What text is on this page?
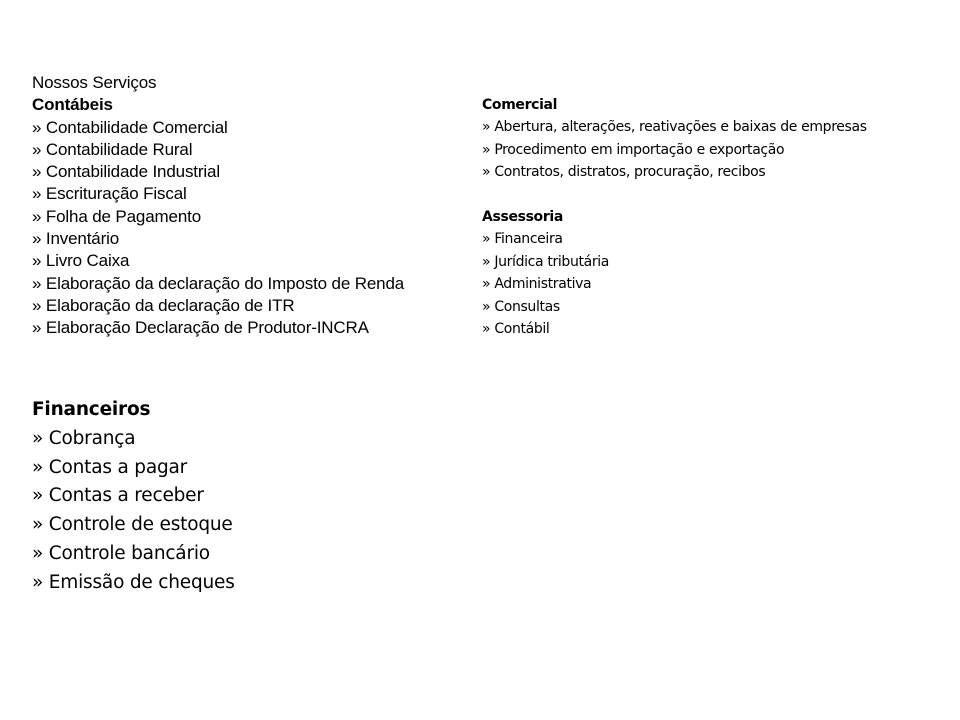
Nossos Serviços
Contábeis
» Contabilidade Comercial
» Contabilidade Rural
» Contabilidade Industrial
» Escrituração Fiscal
» Folha de Pagamento
» Inventário
» Livro Caixa
» Elaboração da declaração do Imposto de Renda
» Elaboração da declaração de ITR
» Elaboração Declaração de Produtor-INCRA
Comercial
» Abertura, alterações, reativações e baixas de empresas
» Procedimento em importação e exportação
» Contratos, distratos, procuração, recibos
Assessoria
» Financeira
» Jurídica tributária
» Administrativa
» Consultas
» Contábil
Financeiros
» Cobrança
» Contas a pagar
» Contas a receber
» Controle de estoque
» Controle bancário
» Emissão de cheques
